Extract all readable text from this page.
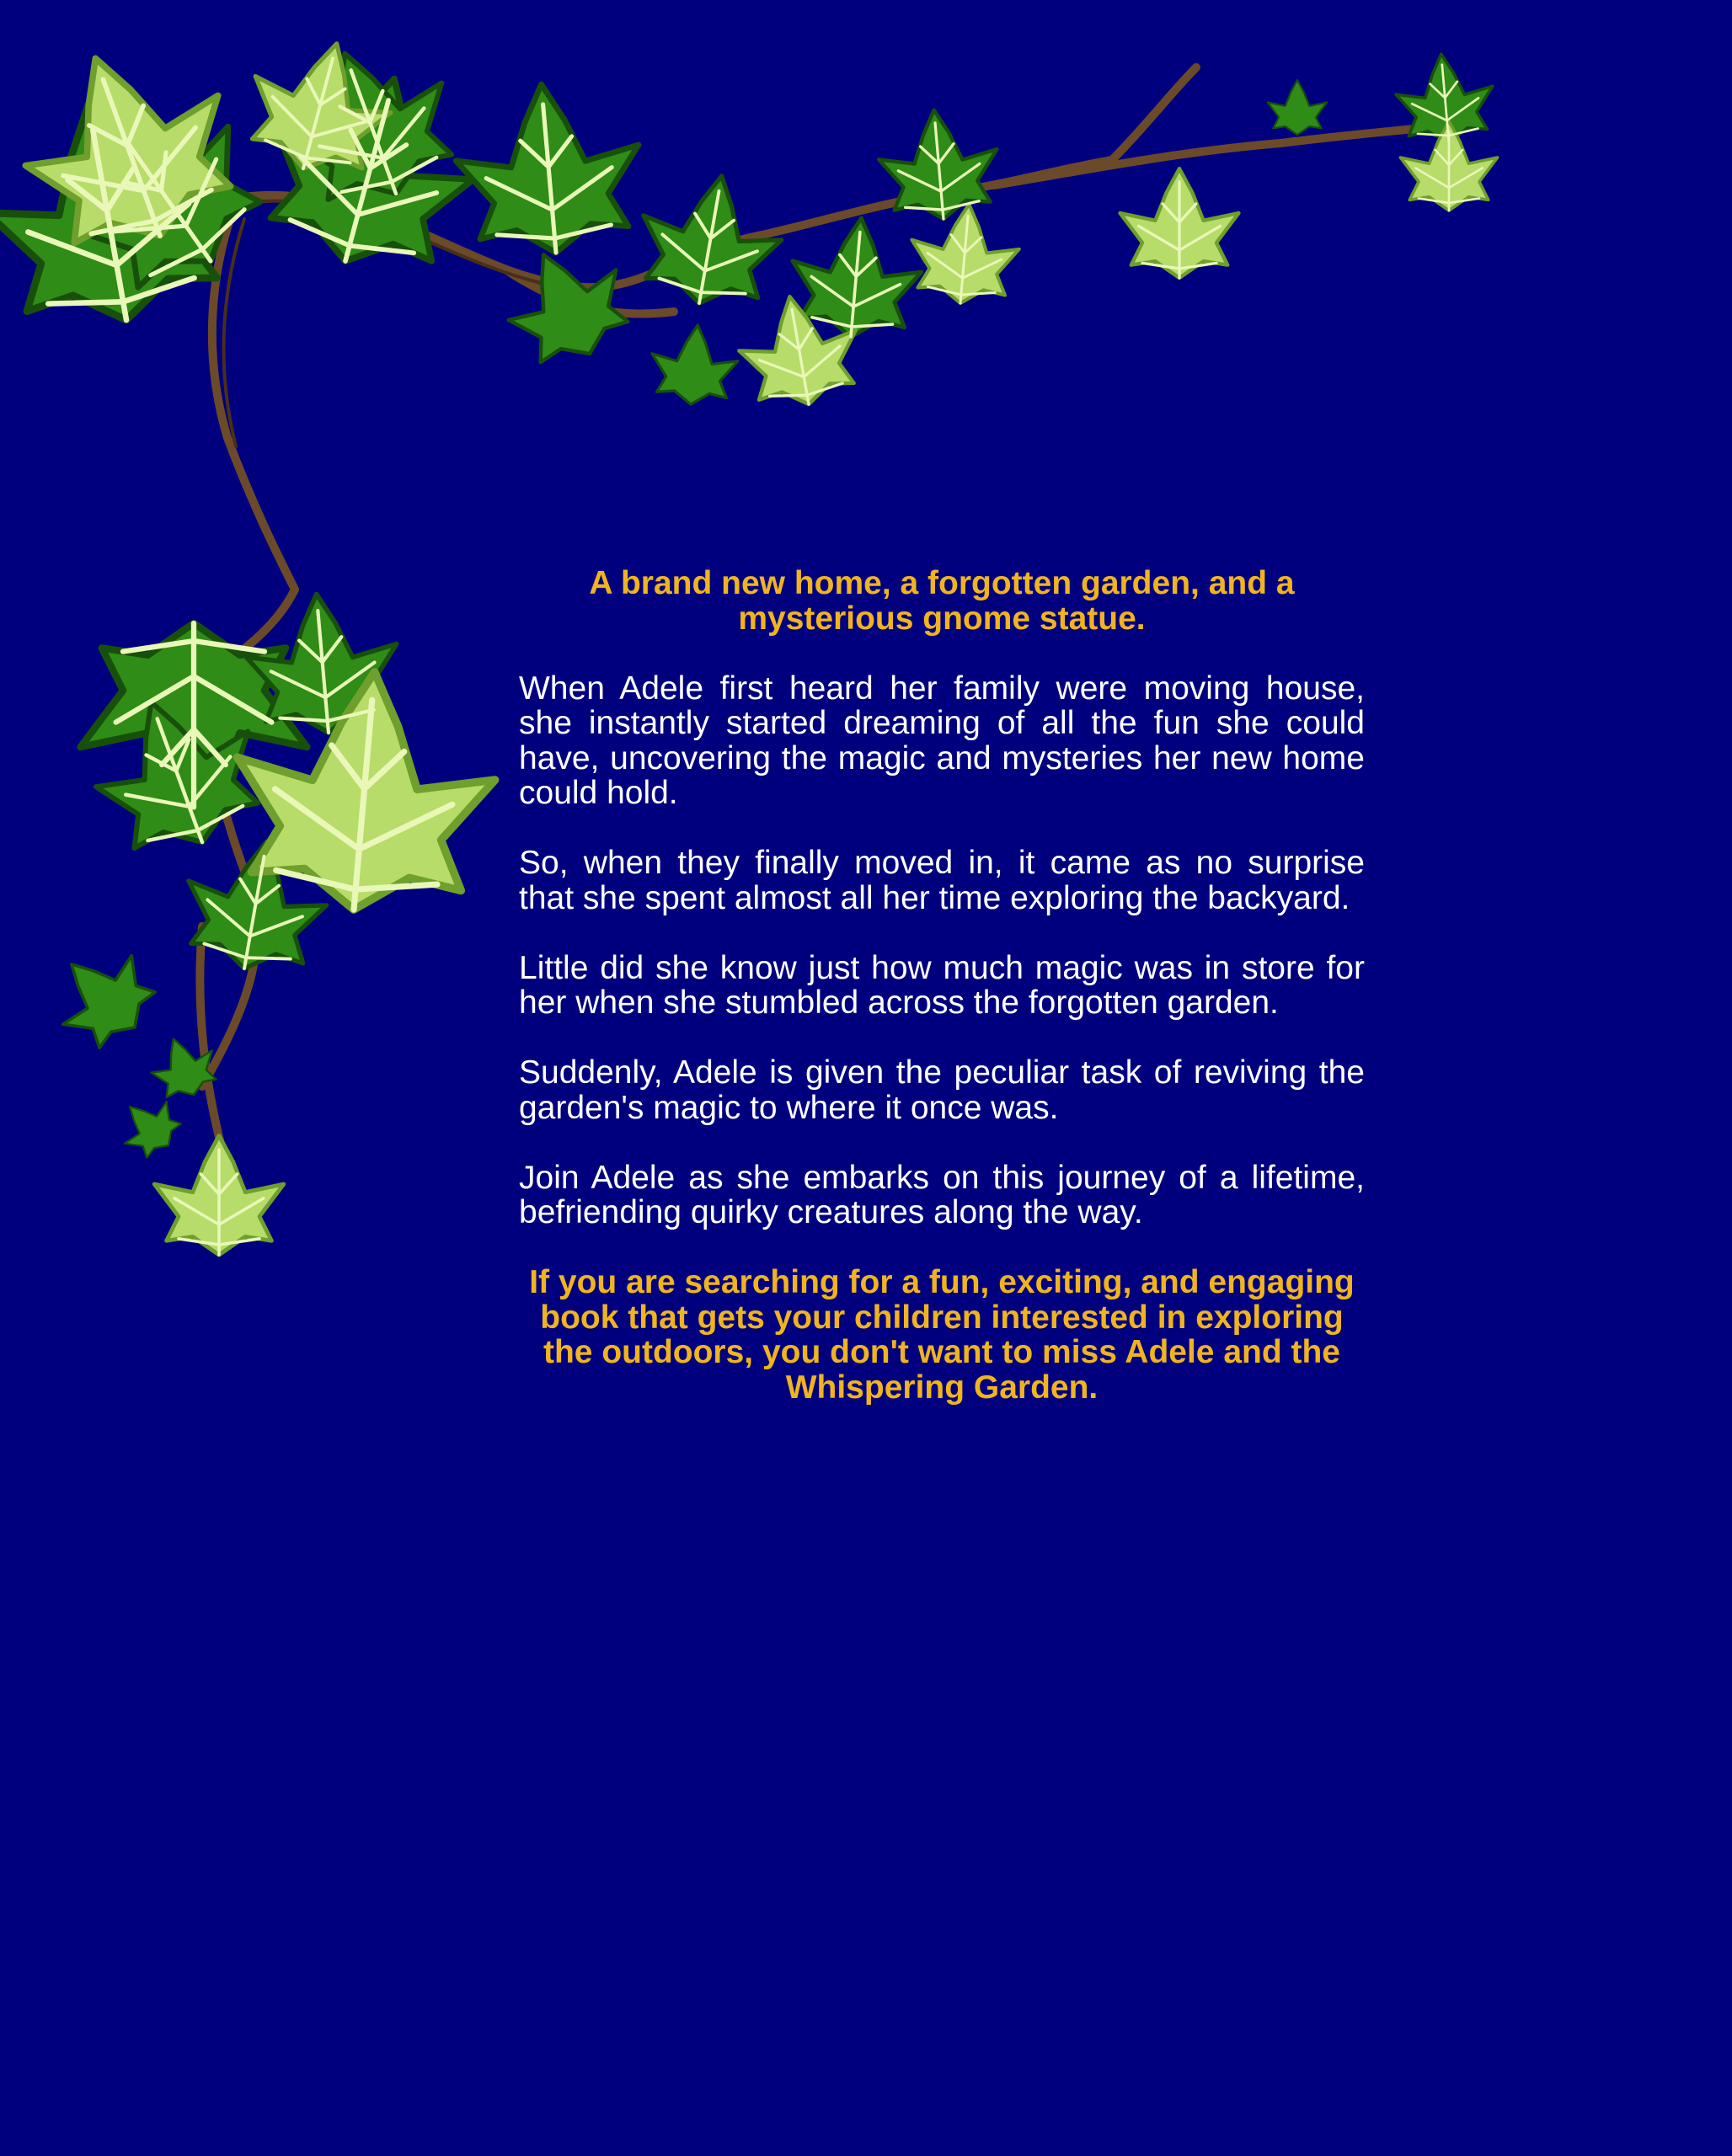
A brand new home, a forgotten garden, and a mysterious gnome statue.

When Adele first heard her family were moving house, she instantly started dreaming of all the fun she could have, uncovering the magic and mysteries her new home could hold.

So, when they finally moved in, it came as no surprise that she spent almost all her time exploring the backyard.

Little did she know just how much magic was in store for her when she stumbled across the forgotten garden.

Suddenly, Adele is given the peculiar task of reviving the garden's magic to where it once was.

Join Adele as she embarks on this journey of a lifetime, befriending quirky creatures along the way.

If you are searching for a fun, exciting, and engaging book that gets your children interested in exploring the outdoors, you don't want to miss Adele and the Whispering Garden.
